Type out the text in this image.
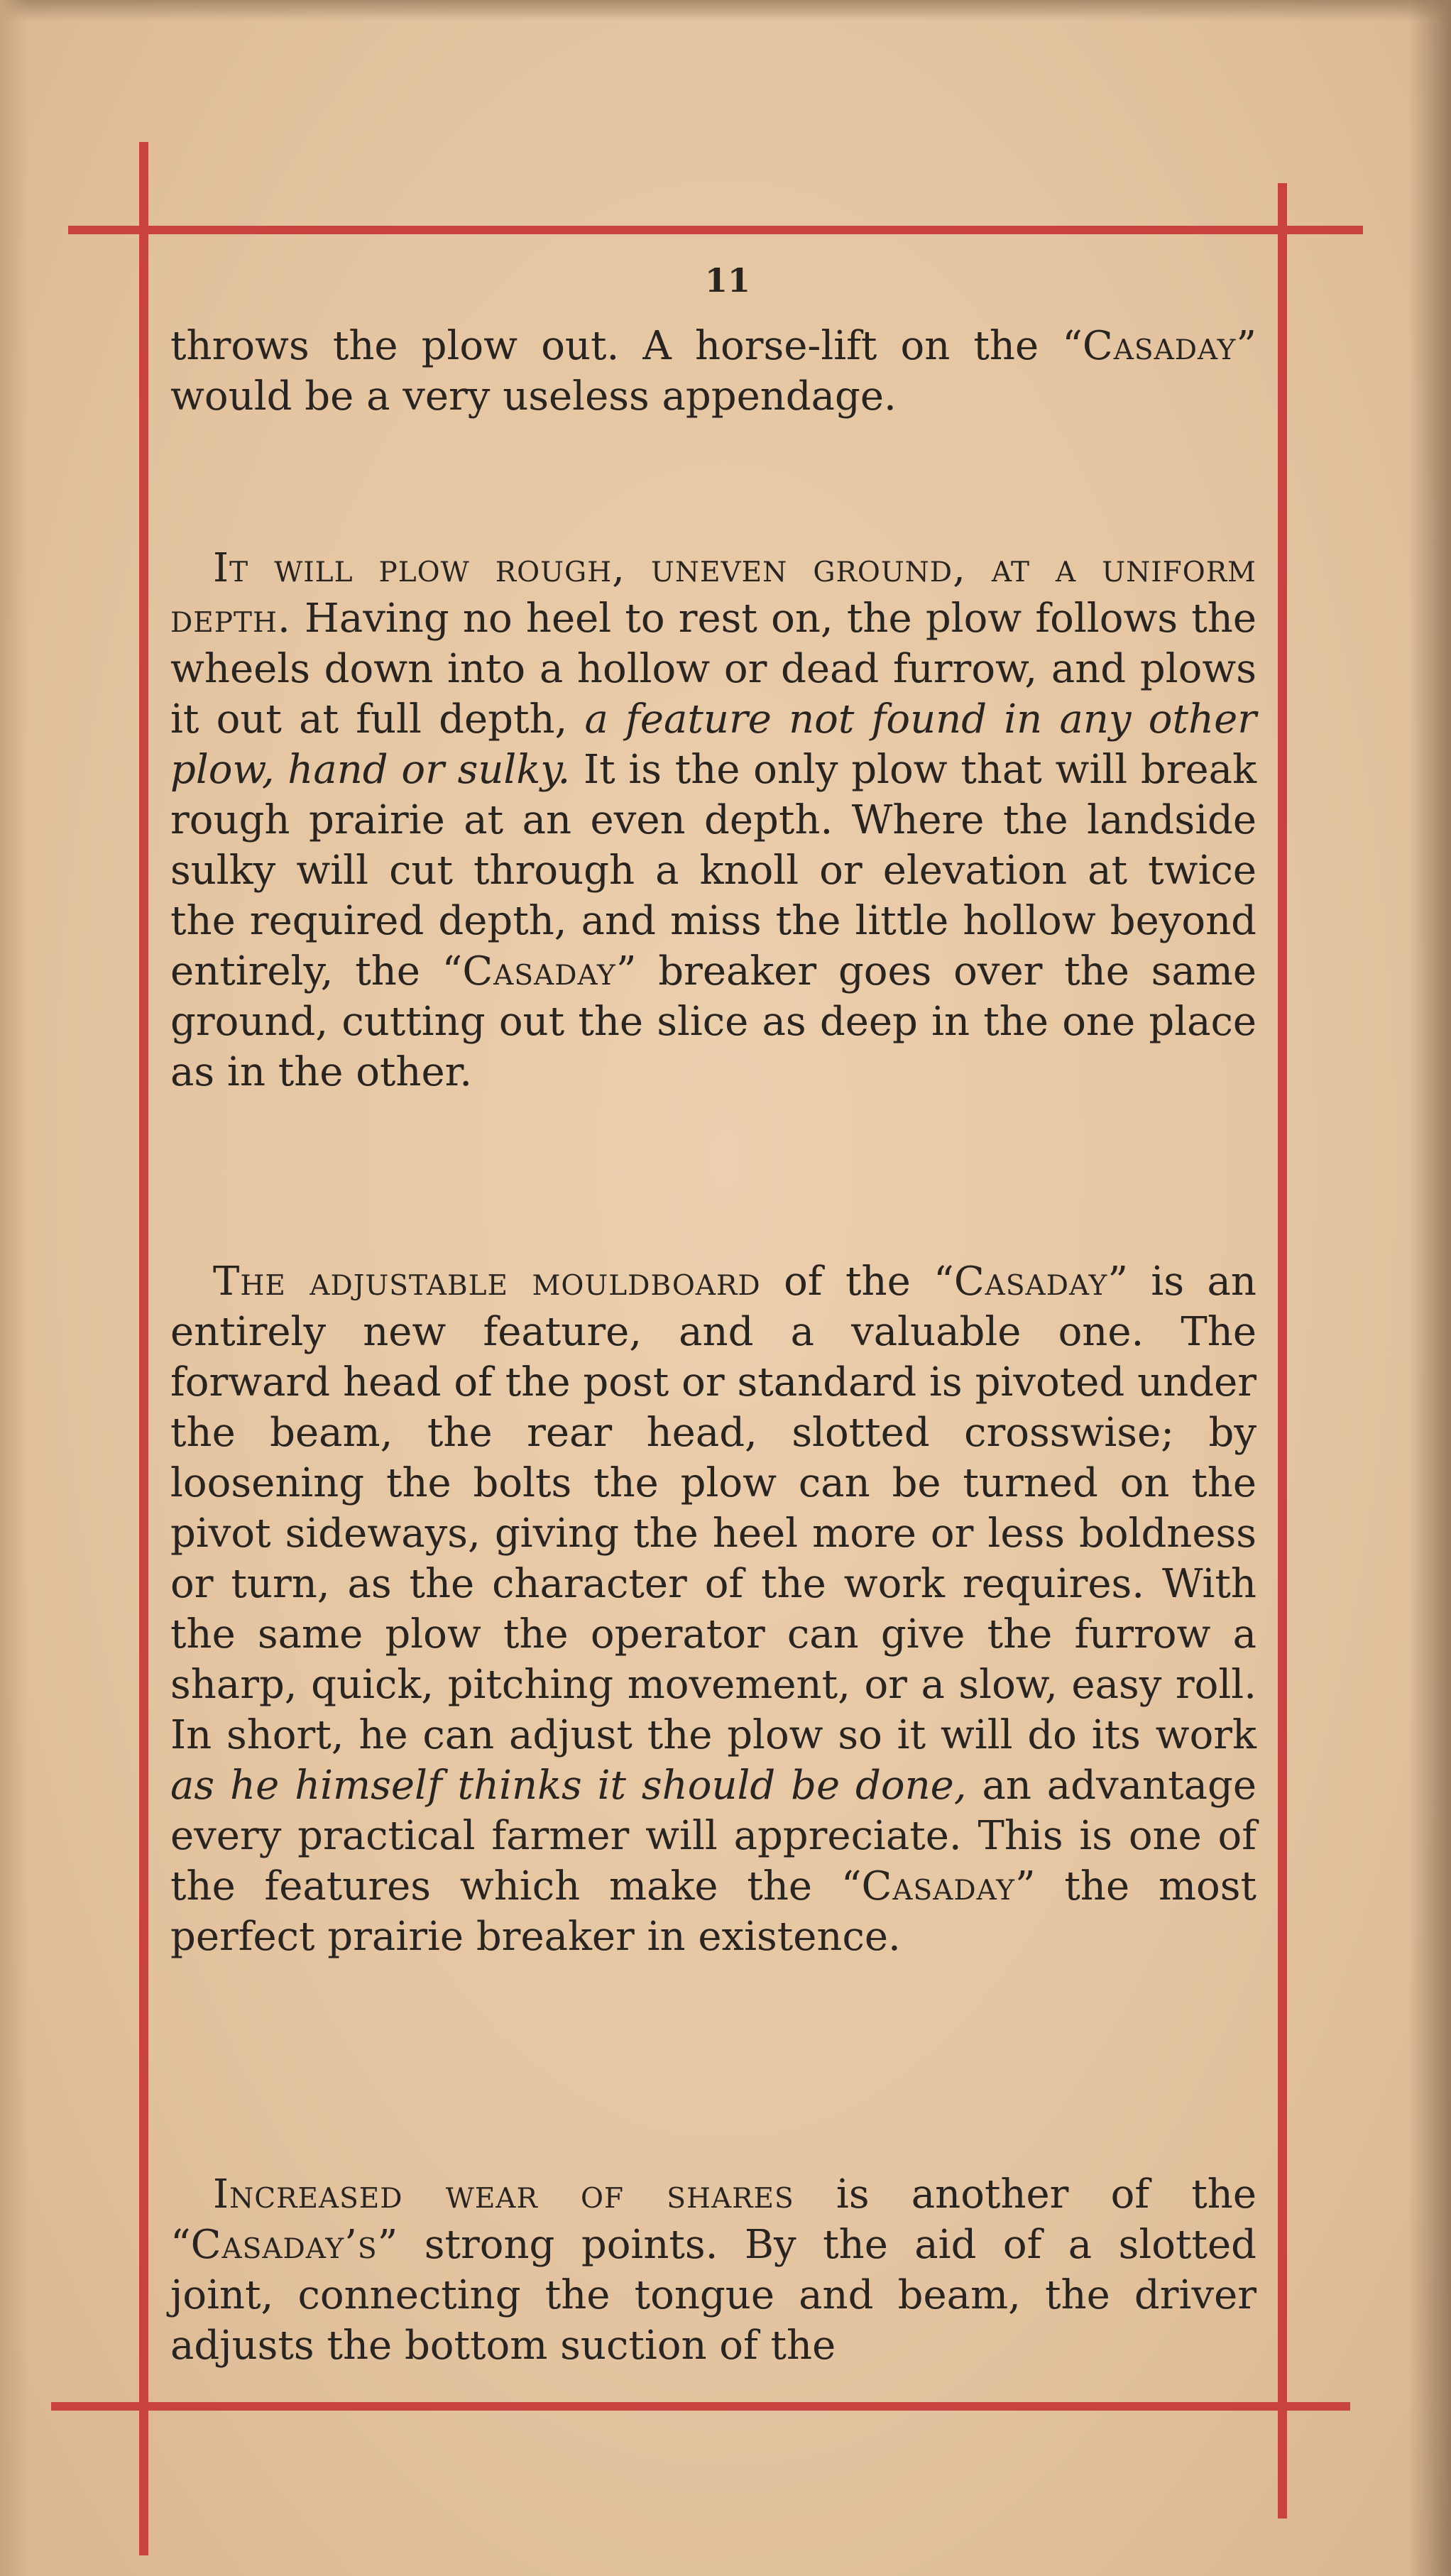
11

throws the plow out. A horse-lift on the “Casaday” would be a very useless appendage.

It will plow rough, uneven ground, at a uniform depth. Having no heel to rest on, the plow follows the wheels down into a hollow or dead furrow, and plows it out at full depth, a feature not found in any other plow, hand or sulky. It is the only plow that will break rough prairie at an even depth. Where the landside sulky will cut through a knoll or elevation at twice the required depth, and miss the little hollow beyond entirely, the “Casaday” breaker goes over the same ground, cutting out the slice as deep in the one place as in the other.

The adjustable mouldboard of the “Casaday” is an entirely new feature, and a valuable one. The forward head of the post or standard is pivoted under the beam, the rear head, slotted crosswise; by loosening the bolts the plow can be turned on the pivot sideways, giving the heel more or less boldness or turn, as the character of the work requires. With the same plow the operator can give the furrow a sharp, quick, pitching movement, or a slow, easy roll. In short, he can adjust the plow so it will do its work as he himself thinks it should be done, an advantage every practical farmer will appreciate. This is one of the features which make the “Casaday” the most perfect prairie breaker in existence.

Increased wear of shares is another of the “Casaday’s” strong points. By the aid of a slotted joint, connecting the tongue and beam, the driver adjusts the bottom suction of the
